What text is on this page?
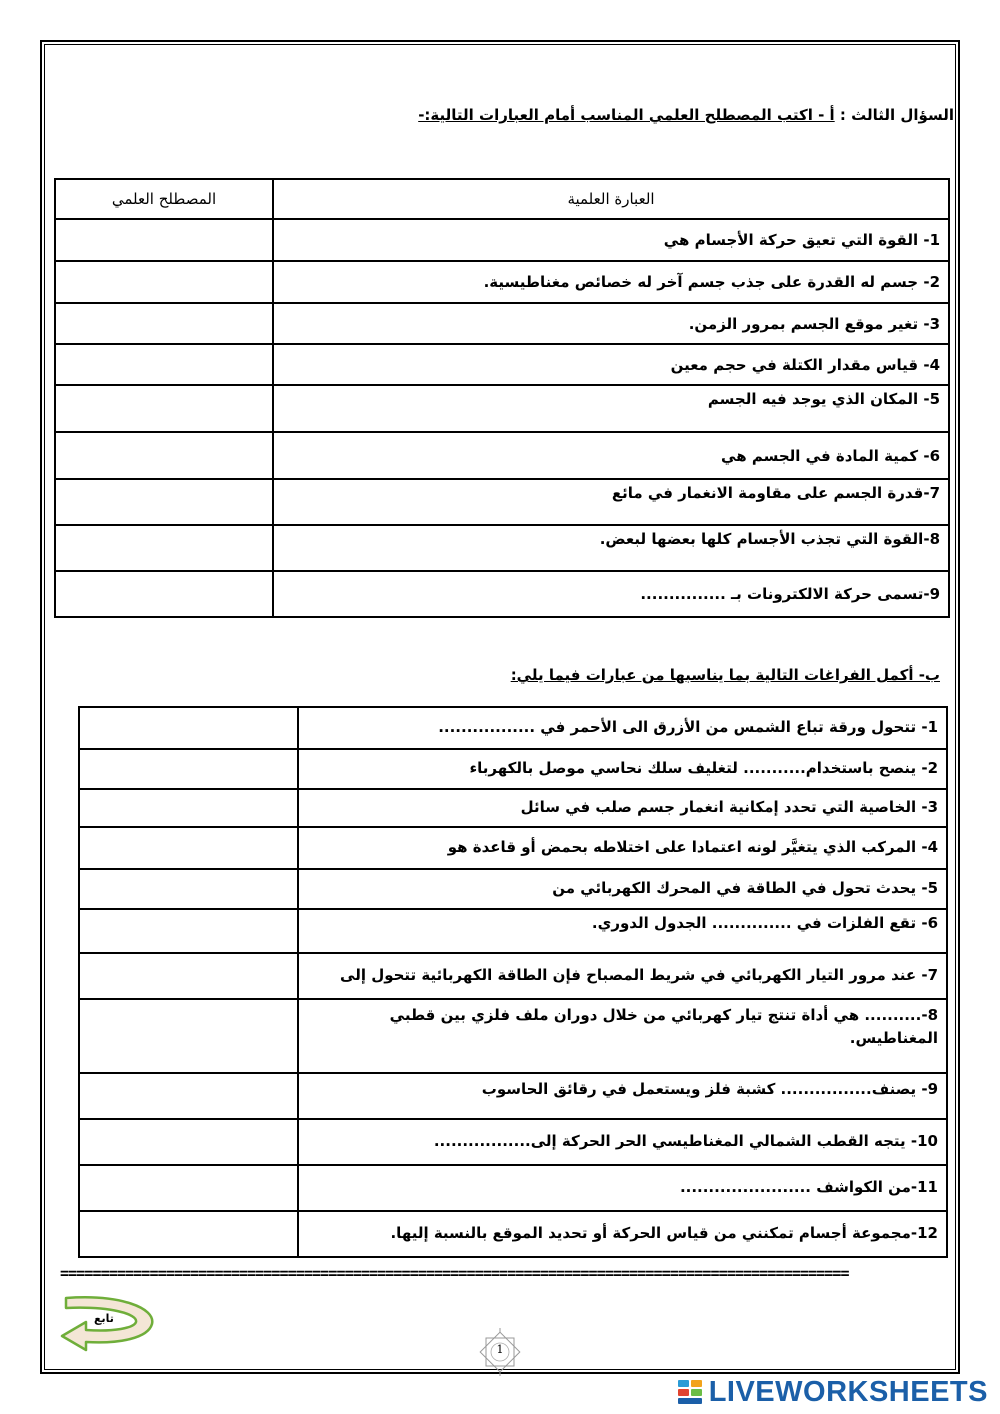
السؤال الثالث : أ - اكتب المصطلح العلمي المناسب أمام العبارات التالية:-
العبارة العلمية	المصطلح العلمي
1- القوة التي تعيق حركة الأجسام هي	
2- جسم له القدرة على جذب جسم آخر له خصائص مغناطيسية.	
3- تغير موقع الجسم بمرور الزمن.	
4- قياس مقدار الكتلة في حجم معين	
5- المكان الذي يوجد فيه الجسم	
6- كمية المادة في الجسم هي	
7-قدرة الجسم على مقاومة الانغمار في مائع	
8-القوة التي تجذب الأجسام كلها بعضها لبعض.	
9-تسمى حركة الالكترونات بـ ...............	
ب- أكمل الفراغات التالية بما يناسبها من عبارات فيما يلي:
1- تتحول ورقة تباع الشمس من الأزرق الى الأحمر في .................	
2- ينصح باستخدام........... لتغليف سلك نحاسي موصل بالكهرباء	
3- الخاصية التي تحدد إمكانية انغمار جسم صلب في سائل	
4- المركب الذي يتغيَّر لونه اعتمادا على اختلاطه بحمض أو قاعدة هو	
5- يحدث تحول في الطاقة في المحرك الكهربائي من	
6- تقع الفلزات في .............. الجدول الدوري.	
7- عند مرور التيار الكهربائي في شريط المصباح فإن الطاقة الكهربائية تتحول إلى	
8-.......... هي أداة تنتج تيار كهربائي من خلال دوران ملف فلزي بين قطبي المغناطيس.	
9- يصنف................ كشبة فلز ويستعمل في رقائق الحاسوب	
10- يتجه القطب الشمالي المغناطيسي الحر الحركة إلى.................	
11-من الكواشف .......................	
12-مجموعة أجسام تمكنني من قياس الحركة أو تحديد الموقع بالنسبة إليها.	
=================================================================================================
تابع
1
LIVEWORKSHEETS
